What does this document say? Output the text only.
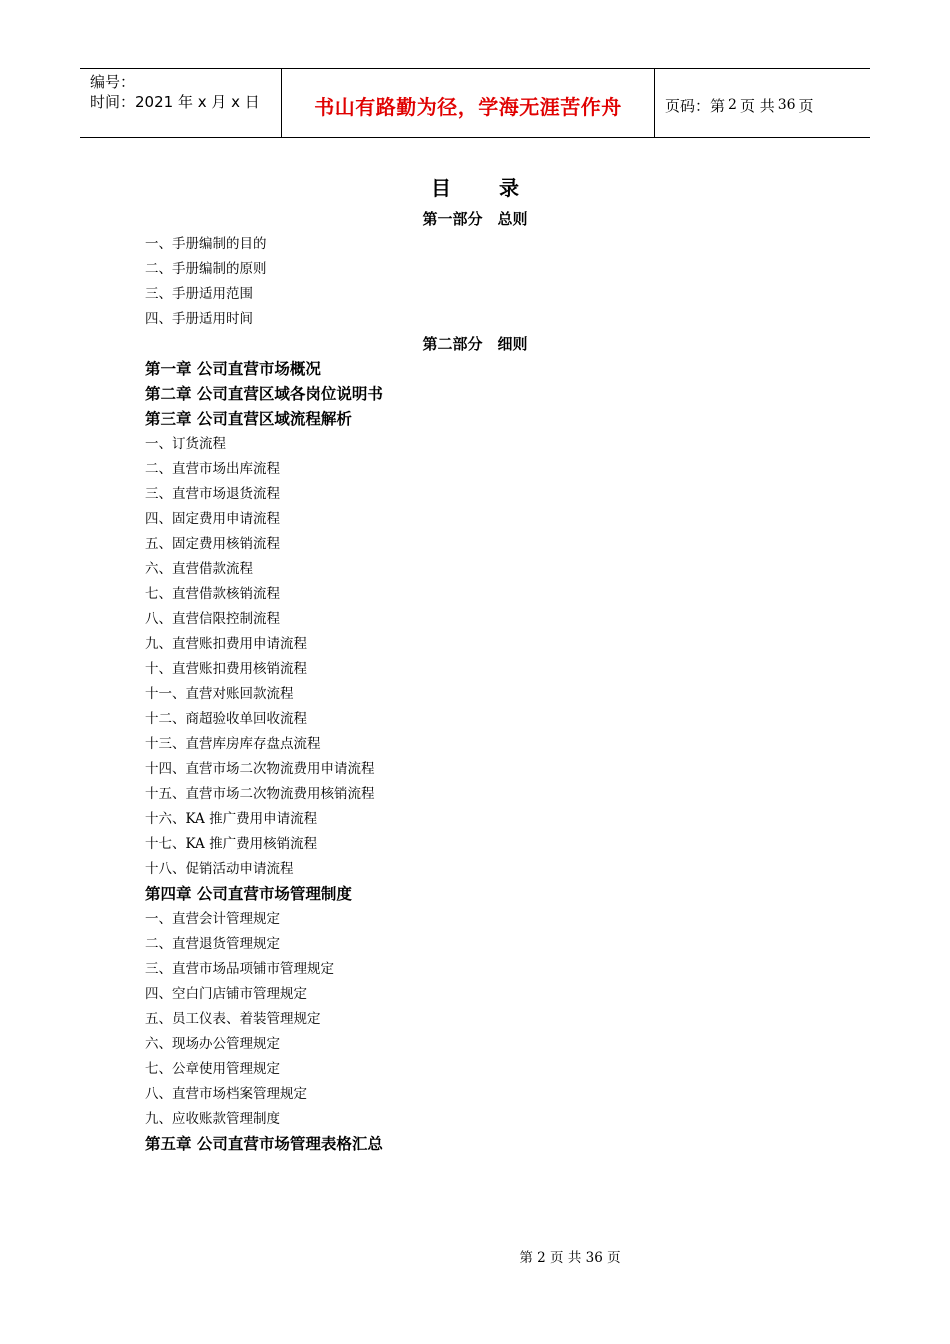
编号：
时间：2021 年 x 月 x 日	书山有路勤为径，学海无涯苦作舟	页码：第 2 页 共 36 页
目录
第一部分　总则
一、手册编制的目的
二、手册编制的原则
三、手册适用范围
四、手册适用时间
第二部分　细则
第一章 公司直营市场概况
第二章 公司直营区域各岗位说明书
第三章 公司直营区域流程解析
一、订货流程
二、直营市场出库流程
三、直营市场退货流程
四、固定费用申请流程
五、固定费用核销流程
六、直营借款流程
七、直营借款核销流程
八、直营信限控制流程
九、直营账扣费用申请流程
十、直营账扣费用核销流程
十一、直营对账回款流程
十二、商超验收单回收流程
十三、直营库房库存盘点流程
十四、直营市场二次物流费用申请流程
十五、直营市场二次物流费用核销流程
十六、KA 推广费用申请流程
十七、KA 推广费用核销流程
十八、促销活动申请流程
第四章 公司直营市场管理制度
一、直营会计管理规定
二、直营退货管理规定
三、直营市场品项铺市管理规定
四、空白门店铺市管理规定
五、员工仪表、着装管理规定
六、现场办公管理规定
七、公章使用管理规定
八、直营市场档案管理规定
九、应收账款管理制度
第五章 公司直营市场管理表格汇总
第 2 页 共 36 页
